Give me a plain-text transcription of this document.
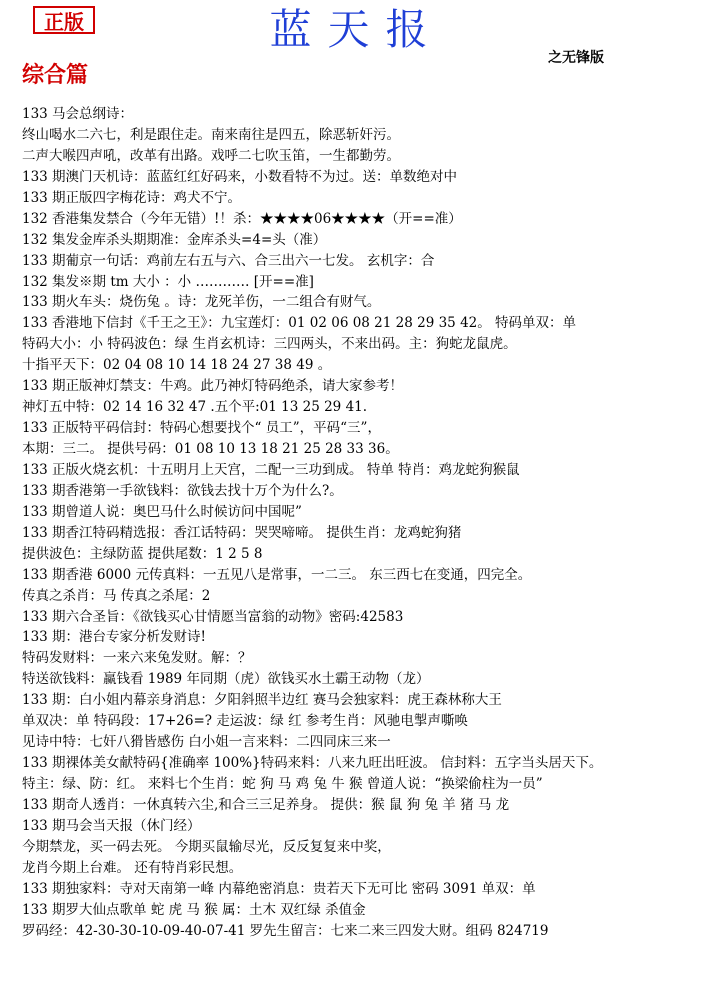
正版	蓝天报
之无锋版
综合篇
133 马会总纲诗：
终山喝水二六七，利是跟住走。南来南往是四五，除恶斩奸污。
二声大喉四声吼，改革有出路。戏呼二七吹玉笛，一生都勤劳。
133 期澳门天机诗：蓝蓝红红好码来，小数看特不为过。送：单数绝对中
133 期正版四字梅花诗：鸡犬不宁。
132 香港集发禁合（今年无错）!！杀：★★★★06★★★★（开==准）
132 集发金库杀头期期准：金库杀头=4=头（准）
133 期葡京一句话：鸡前左右五与六、合三出六一七发。 玄机字：合
132 集发※期 tm 大小 ：小 ………… [开==准]
133 期火车头：烧伤兔 。诗：龙死羊伤，一二组合有财气。
133 香港地下信封《千王之王》：九宝莲灯：01 02 06 08 21 28 29 35 42。 特码单双：单
特码大小：小 特码波色：绿 生肖玄机诗：三四两头，不来出码。主：狗蛇龙鼠虎。
十指平天下：02 04 08 10 14 18 24 27 38 49 。
133 期正版神灯禁支：牛鸡。此乃神灯特码绝杀，请大家参考！
神灯五中特：02 14 16 32 47 .五个平:01 13 25 29 41.
133 正版特平码信封：特码心想要找个“ 员工”，平码“三”，
本期：三二。 提供号码：01 08 10 13 18 21 25 28 33 36。
133 正版火烧玄机：十五明月上天宫，二配一三功到成。 特单 特肖：鸡龙蛇狗猴鼠
133 期香港第一手欲钱料：欲钱去找十万个为什么?。
133 期曾道人说：奥巴马什么时候访问中国呢”
133 期香江特码精选报：香江话特码：哭哭啼啼。 提供生肖：龙鸡蛇狗猪
提供波色：主绿防蓝 提供尾数：1 2 5 8
133 期香港 6000 元传真料：一五见八是常事，一二三。 东三西七在变通，四完全。
传真之杀肖：马 传真之杀尾：2
133 期六合圣旨：《欲钱买心甘情愿当富翁的动物》密码:42583
133 期：港台专家分析发财诗!
特码发财料：一来六来兔发财。解：？
特送欲钱料：赢钱看 1989 年同期（虎）欲钱买水土霸王动物（龙）
133 期：白小姐内幕亲身消息：夕阳斜照半边红 赛马会独家料：虎王森林称大王
单双决：单 特码段：17+26=? 走运波：绿 红 参考生肖：风驰电掣声嘶唤
见诗中特：七奸八猾皆感伤 白小姐一言来料：二四同床三来一
133 期裸体美女献特码{准确率 100%}特码来料：八来九旺出旺波。 信封料：五字当头居天下。
特主：绿、防：红。 来料七个生肖：蛇 狗 马 鸡 兔 牛 猴 曾道人说：“换梁偷柱为一员”
133 期奇人透肖：一休真转六尘,和合三三足养身。 提供：猴 鼠 狗 兔 羊 猪 马 龙
133 期马会当天报（休门经）
今期禁龙，买一码去死。 今期买鼠输尽光，反反复复来中奖，
龙肖今期上台难。 还有特肖彩民想。
133 期独家料：寺对天南第一峰 内幕绝密消息：贵若天下无可比 密码 3091 单双：单
133 期罗大仙点歌单 蛇 虎 马 猴 属：土木 双红绿 杀值金
罗码经：42-30-30-10-09-40-07-41 罗先生留言：七来二来三四发大财。组码 824719
